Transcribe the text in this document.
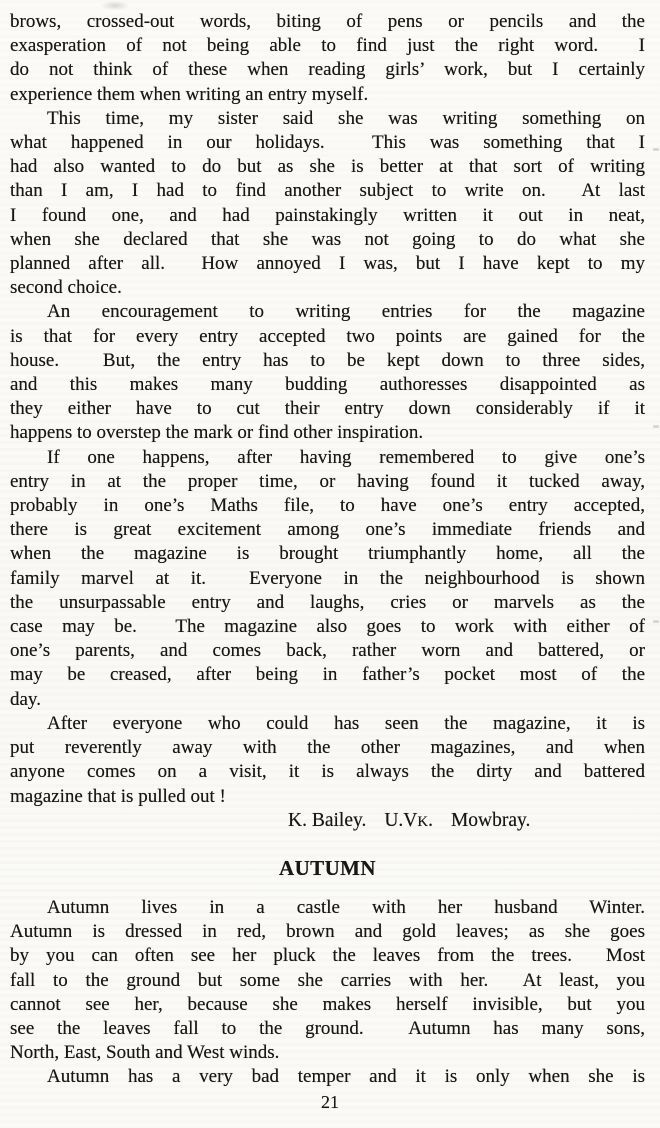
brows, crossed-out words, biting of pens or pencils and the
exasperation of not being able to find just the right word.  I
do not think of these when reading girls’ work, but I certainly
experience them when writing an entry myself.
This time, my sister said she was writing something on
what happened in our holidays.  This was something that I
had also wanted to do but as she is better at that sort of writing
than I am, I had to find another subject to write on.  At last
I found one, and had painstakingly written it out in neat,
when she declared that she was not going to do what she
planned after all.  How annoyed I was, but I have kept to my
second choice.
An encouragement to writing entries for the magazine
is that for every entry accepted two points are gained for the
house.  But, the entry has to be kept down to three sides,
and this makes many budding authoresses disappointed as
they either have to cut their entry down considerably if it
happens to overstep the mark or find other inspiration.
If one happens, after having remembered to give one’s
entry in at the proper time, or having found it tucked away,
probably in one’s Maths file, to have one’s entry accepted,
there is great excitement among one’s immediate friends and
when the magazine is brought triumphantly home, all the
family marvel at it.  Everyone in the neighbourhood is shown
the unsurpassable entry and laughs, cries or marvels as the
case may be.  The magazine also goes to work with either of
one’s parents, and comes back, rather worn and battered, or
may be creased, after being in father’s pocket most of the
day.
After everyone who could has seen the magazine, it is
put reverently away with the other magazines, and when
anyone comes on a visit, it is always the dirty and battered
magazine that is pulled out !
K. Bailey. U.VK. Mowbray.
AUTUMN
Autumn lives in a castle with her husband Winter.
Autumn is dressed in red, brown and gold leaves; as she goes
by you can often see her pluck the leaves from the trees.  Most
fall to the ground but some she carries with her.  At least, you
cannot see her, because she makes herself invisible, but you
see the leaves fall to the ground.  Autumn has many sons,
North, East, South and West winds.
Autumn has a very bad temper and it is only when she is
21
